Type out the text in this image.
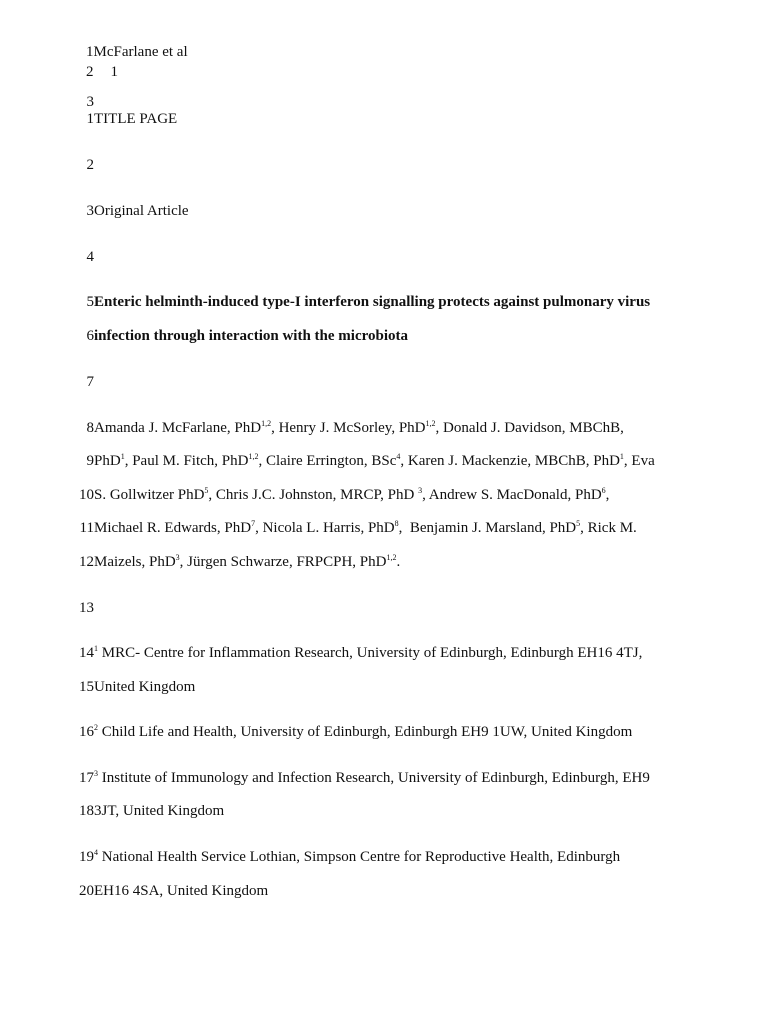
1McFarlane et al
2 1
3
1 TITLE PAGE
2
3 Original Article
4
5 Enteric helminth-induced type-I interferon signalling protects against pulmonary virus
6 infection through interaction with the microbiota
7
8 Amanda J. McFarlane, PhD$^{1,2}$, Henry J. McSorley, PhD$^{1,2}$, Donald J. Davidson, MBChB,
9 PhD$^1$, Paul M. Fitch, PhD$^{1,2}$, Claire Errington, BSc$^4$, Karen J. Mackenzie, MBChB, PhD$^1$, Eva
10 S. Gollwitzer PhD$^5$, Chris J.C. Johnston, MRCP, PhD $^3$, Andrew S. MacDonald, PhD$^6$,
11 Michael R. Edwards, PhD$^7$, Nicola L. Harris, PhD$^8$,  Benjamin J. Marsland, PhD$^5$, Rick M.
12 Maizels, PhD$^3$, Jürgen Schwarze, FRPCPH, PhD$^{1,2}$.
13
14 $^1$ MRC- Centre for Inflammation Research, University of Edinburgh, Edinburgh EH16 4TJ,
15 United Kingdom
16 $^2$ Child Life and Health, University of Edinburgh, Edinburgh EH9 1UW, United Kingdom
17 $^3$ Institute of Immunology and Infection Research, University of Edinburgh, Edinburgh, EH9
18 3JT, United Kingdom
19 $^4$ National Health Service Lothian, Simpson Centre for Reproductive Health, Edinburgh
20 EH16 4SA, United Kingdom
